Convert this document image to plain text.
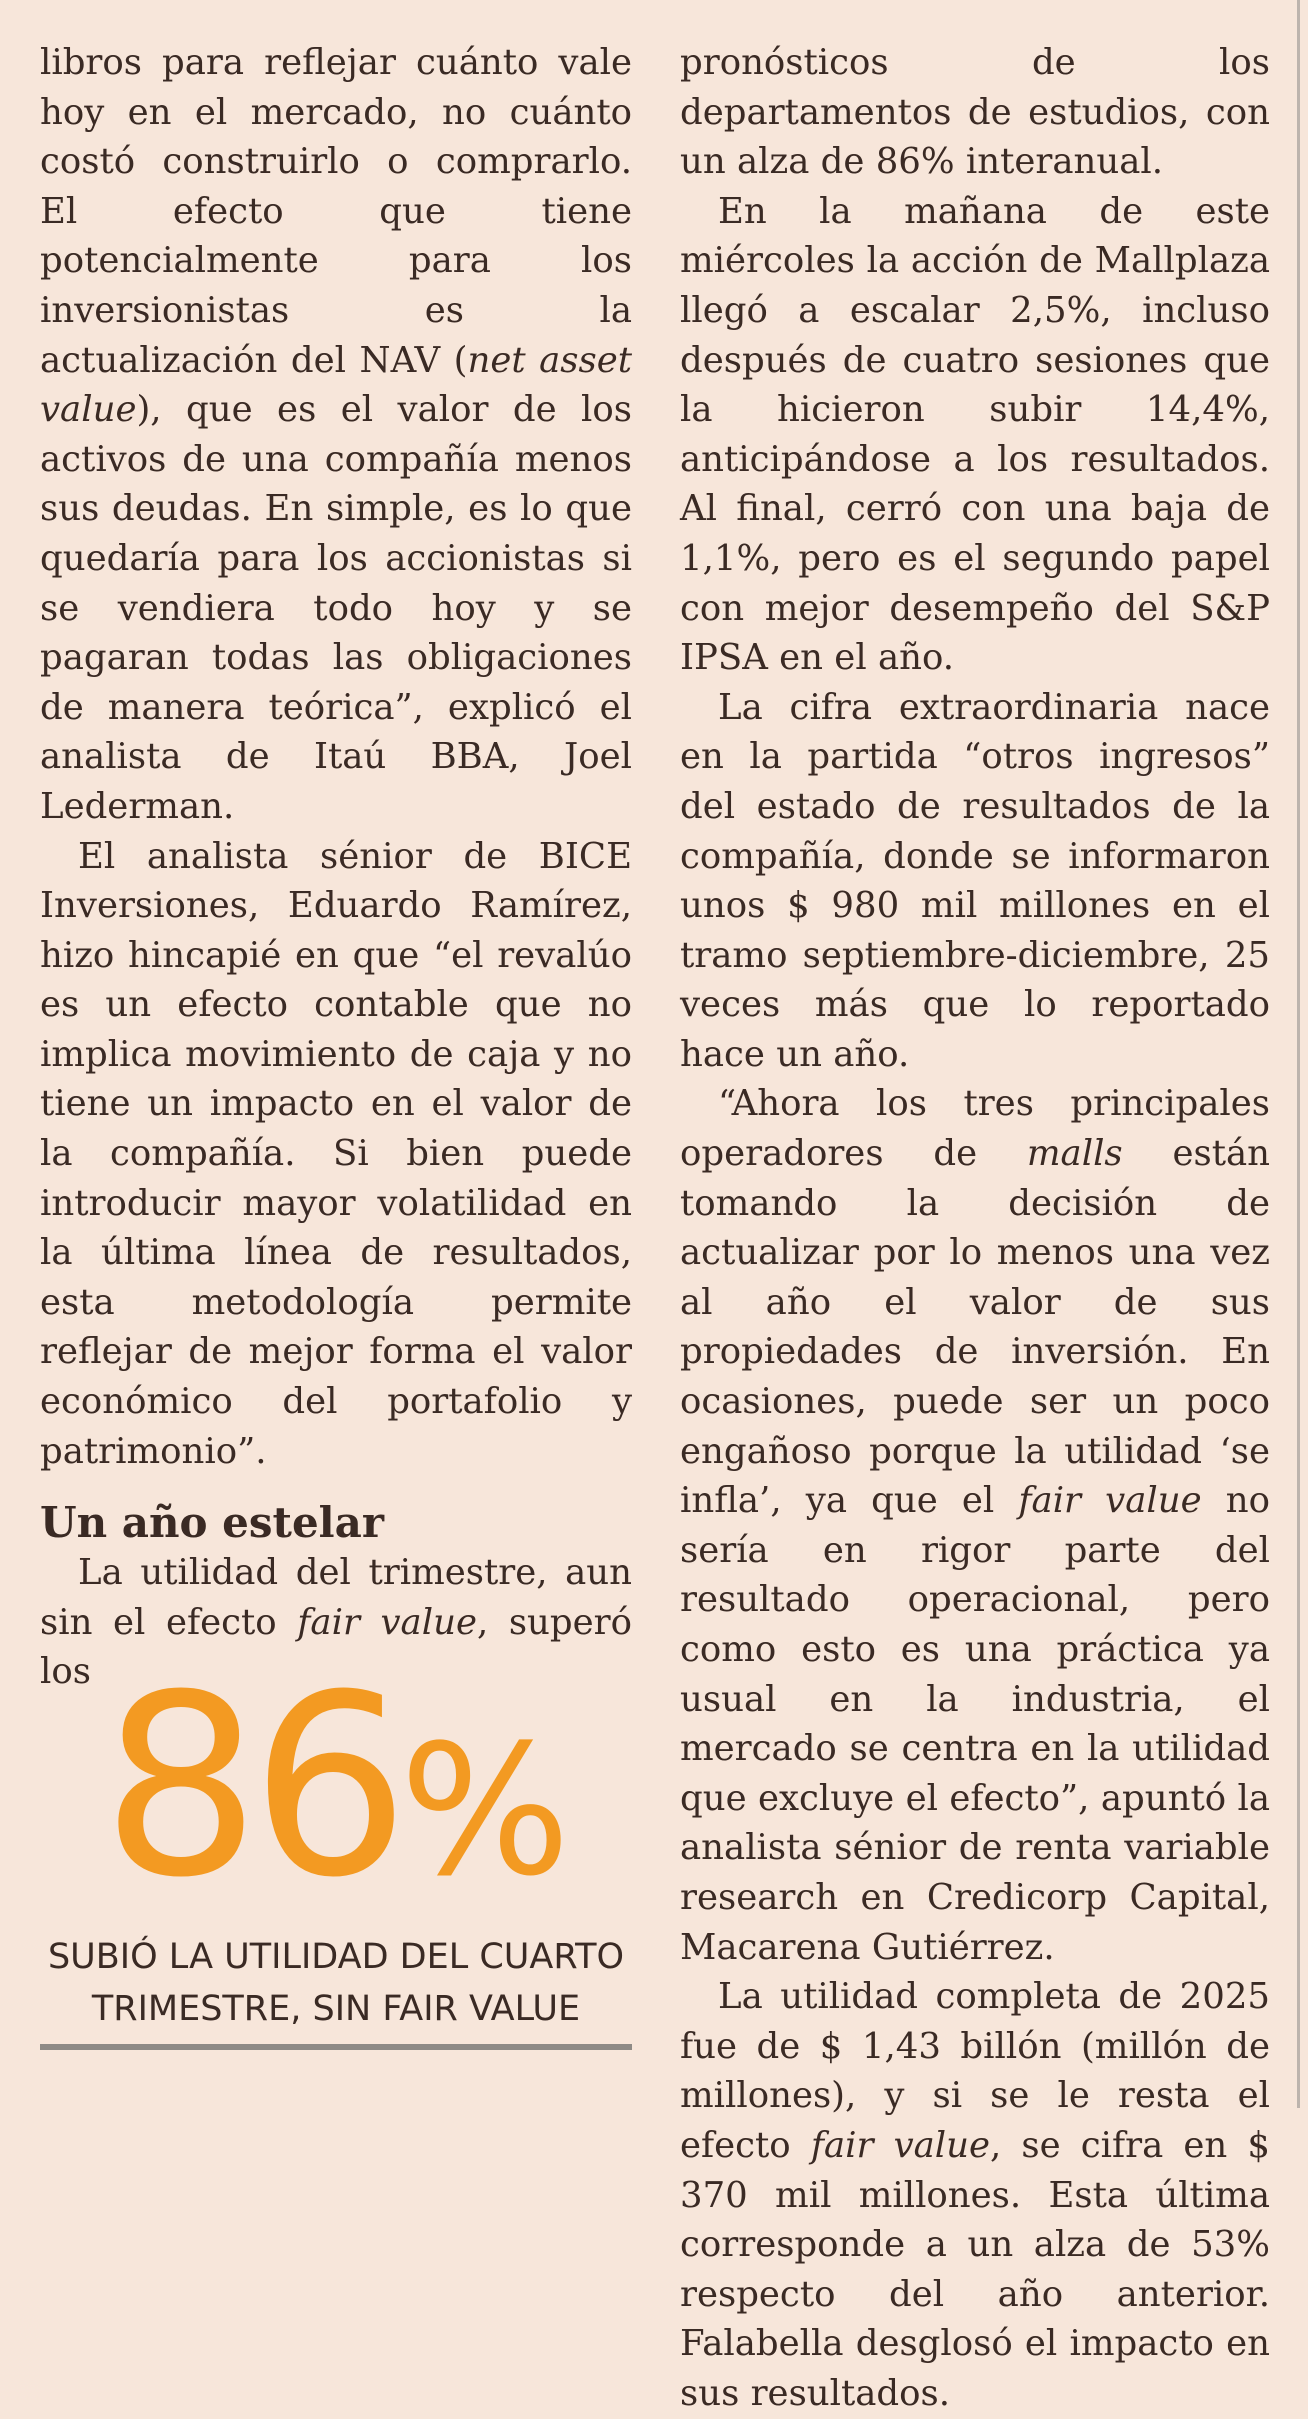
libros para reflejar cuánto vale hoy en el mercado, no cuánto costó construirlo o comprarlo. El efecto que tiene potencialmente para los inversionistas es la actualización del NAV (net asset value), que es el valor de los activos de una compañía menos sus deudas. En simple, es lo que quedaría para los accionistas si se vendiera todo hoy y se pagaran todas las obligaciones de manera teórica”, explicó el analista de Itaú BBA, Joel Lederman.

El analista sénior de BICE Inversiones, Eduardo Ramírez, hizo hincapié en que “el revalúo es un efecto contable que no implica movimiento de caja y no tiene un impacto en el valor de la compañía. Si bien puede introducir mayor volatilidad en la última línea de resultados, esta metodología permite reflejar de mejor forma el valor económico del portafolio y patrimonio”.

Un año estelar

La utilidad del trimestre, aun sin el efecto fair value, superó los 86%
SUBIÓ LA UTILIDAD DEL CUARTO
TRIMESTRE, SIN FAIR VALUE

pronósticos de los departamentos de estudios, con un alza de 86% interanual.

En la mañana de este miércoles la acción de Mallplaza llegó a escalar 2,5%, incluso después de cuatro sesiones que la hicieron subir 14,4%, anticipándose a los resultados. Al final, cerró con una baja de 1,1%, pero es el segundo papel con mejor desempeño del S&P IPSA en el año.

La cifra extraordinaria nace en la partida “otros ingresos” del estado de resultados de la compañía, donde se informaron unos $ 980 mil millones en el tramo septiembre-diciembre, 25 veces más que lo reportado hace un año.

“Ahora los tres principales operadores de malls están tomando la decisión de actualizar por lo menos una vez al año el valor de sus propiedades de inversión. En ocasiones, puede ser un poco engañoso porque la utilidad ‘se infla’, ya que el fair value no sería en rigor parte del resultado operacional, pero como esto es una práctica ya usual en la industria, el mercado se centra en la utilidad que excluye el efecto”, apuntó la analista sénior de renta variable research en Credicorp Capital, Macarena Gutiérrez.

La utilidad completa de 2025 fue de $ 1,43 billón (millón de millones), y si se le resta el efecto fair value, se cifra en $ 370 mil millones. Esta última corresponde a un alza de 53% respecto del año anterior. Falabella desglosó el impacto en sus resultados.
